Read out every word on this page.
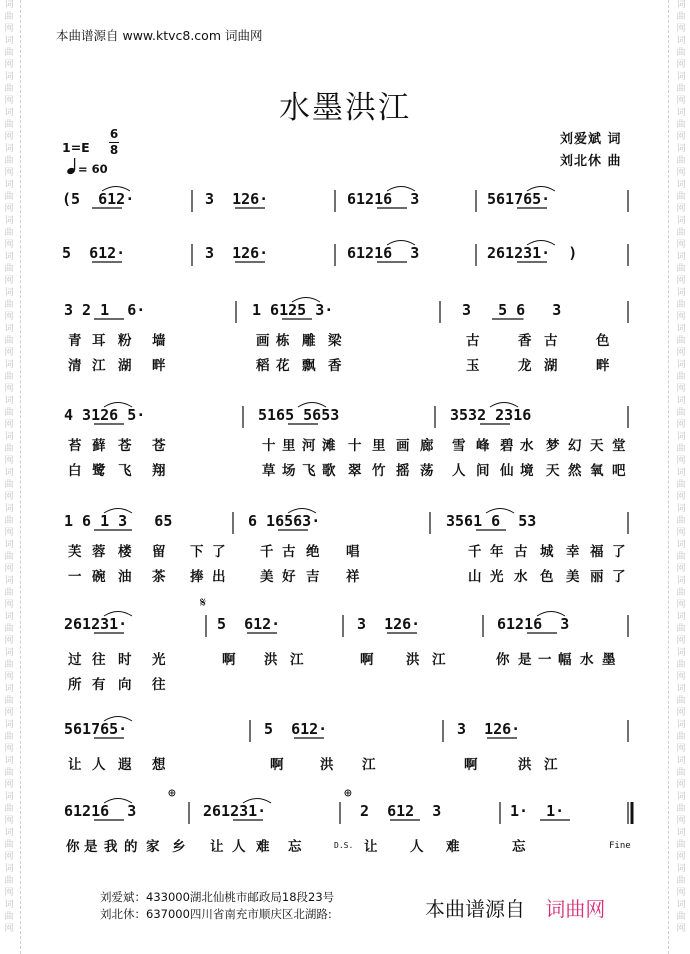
词
曲
网
词
曲
网
词
曲
网
词
曲
网
词
曲
网
词
曲
网
词
曲
网
词
曲
网
词
曲
网
词
曲
网
词
曲
网
词
曲
网
词
曲
网
词
曲
网
词
曲
网
词
曲
网
词
曲
网
词
曲
网
词
曲
网
词
曲
网
词
曲
网
词
曲
网
词
曲
网
词
曲
网
词
曲
网
词
曲
网
词
曲
网
词
曲
网
词
曲
网
词
曲
网
词
曲
网
词
曲
网
词
曲
网
词
曲
网
词
曲
网
词
曲
网
词
曲
网
词
曲
网
词
曲
网
词
曲
网
词
曲
网
词
曲
网
词
曲
网
词
曲
网
词
曲
网
词
曲
网
词
曲
网
词
曲
网
词
曲
网
词
曲
网
词
曲
网
词
曲
网
本曲谱源自 www.ktvc8.com 词曲网
水墨洪江
刘爱斌 词
刘北休 曲
1=E
6
8
= 60
(5  612·	3  126·	61216  3	561765·
5  612·	3  126·	61216  3	261231·  )
3 2 1  6·	1 6125 3·	3   5 6   3
4 3126 5·	5165 5653	3532 2316
1 6 1 3   65	6 16563·	3561 6  53
261231·	5  612·	3  126·	61216  3
561765·	5  612·	3  126·
61216  3	261231·	2  612  3	1·  1·
𝄋
⊕	⊕
D.S.	Fine
青 耳 粉 墙	画 栋 雕 梁	古	香 古	色
清 江 湖 畔	稻 花 飘 香	玉	龙 湖	畔
苔 藓 苍 苍	十 里 河 滩 十 里 画 廊 雪 峰 碧 水 梦 幻 天 堂
白 鹭 飞 翔	草 场 飞 歌 翠 竹 摇 荡 人 间 仙 境 天 然 氧 吧
芙 蓉 楼 留 下 了	千 古 绝 唱	千 年 古 城 幸 福 了
一 碗 油 茶 捧 出	美 好 吉 祥	山 光 水 色 美 丽 了
过 往 时 光	啊 洪 江	啊 洪 江	你 是 一 幅 水 墨
所 有 向 往
让 人 遐 想	啊	洪 江	啊	洪 江
你 是 我 的 家 乡 让 人 难 忘	让 人 难	忘
刘爱斌：433000湖北仙桃市邮政局18段23号
刘北休：637000四川省南充市顺庆区北湖路:	本曲谱源自 词曲网
